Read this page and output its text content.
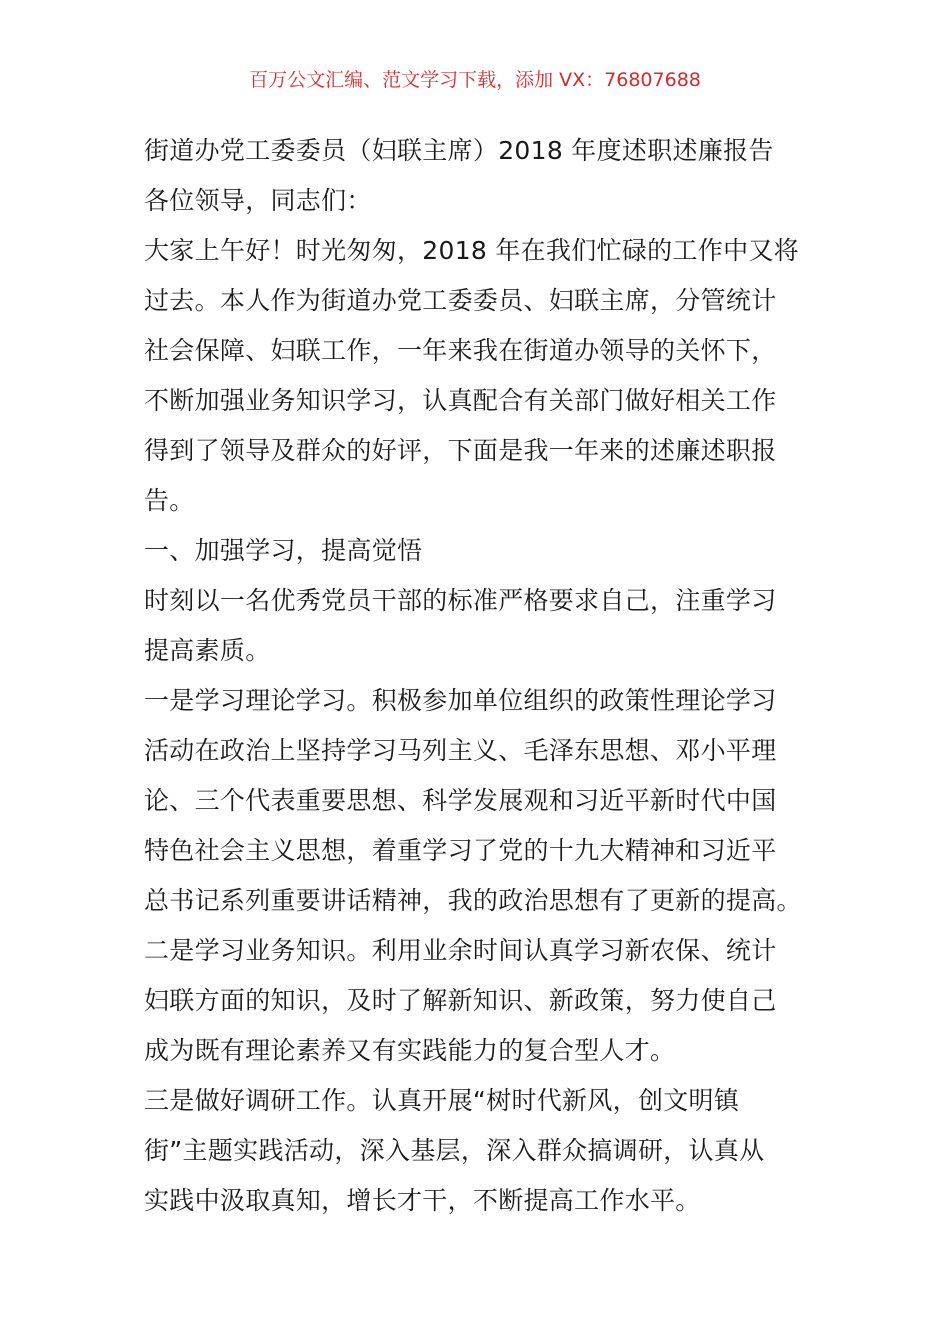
百万公文汇编、范文学习下载，添加 VX：76807688

街道办党工委委员（妇联主席）2018 年度述职述廉报告

各位领导，同志们：

大家上午好！时光匆匆，2018 年在我们忙碌的工作中又将

过去。本人作为街道办党工委委员、妇联主席，分管统计

社会保障、妇联工作，一年来我在街道办领导的关怀下，

不断加强业务知识学习，认真配合有关部门做好相关工作

得到了领导及群众的好评，下面是我一年来的述廉述职报

告。

一、加强学习，提高觉悟

时刻以一名优秀党员干部的标准严格要求自己，注重学习

提高素质。

一是学习理论学习。积极参加单位组织的政策性理论学习

活动在政治上坚持学习马列主义、毛泽东思想、邓小平理

论、三个代表重要思想、科学发展观和习近平新时代中国

特色社会主义思想，着重学习了党的十九大精神和习近平

总书记系列重要讲话精神，我的政治思想有了更新的提高。

二是学习业务知识。利用业余时间认真学习新农保、统计

妇联方面的知识，及时了解新知识、新政策，努力使自己

成为既有理论素养又有实践能力的复合型人才。

三是做好调研工作。认真开展“树时代新风，创文明镇

街”主题实践活动，深入基层，深入群众搞调研，认真从

实践中汲取真知，增长才干，不断提高工作水平。
